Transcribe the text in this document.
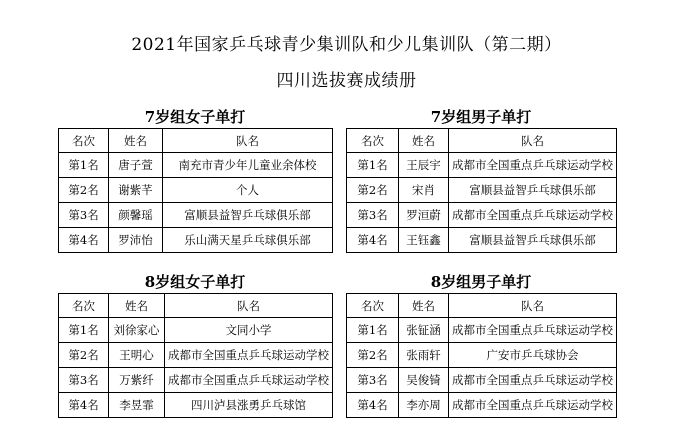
2021年国家乒乓球青少集训队和少儿集训队（第二期）
四川选拔赛成绩册
7岁组女子单打
名次	姓名	队名
第1名	唐子萱	南充市青少年儿童业余体校
第2名	谢紫芊	个人
第3名	颜馨瑶	富顺县益智乒乓球俱乐部
第4名	罗沛怡	乐山满天星乒乓球俱乐部
7岁组男子单打
名次	姓名	队名
第1名	王辰宇	成都市全国重点乒乓球运动学校
第2名	宋肖	富顺县益智乒乓球俱乐部
第3名	罗洹蔚	成都市全国重点乒乓球运动学校
第4名	王钰鑫	富顺县益智乒乓球俱乐部
8岁组女子单打
名次	姓名	队名
第1名	刘徐家心	文同小学
第2名	王明心	成都市全国重点乒乓球运动学校
第3名	万紫纤	成都市全国重点乒乓球运动学校
第4名	李昱霏	四川泸县涨勇乒乓球馆
8岁组男子单打
名次	姓名	队名
第1名	张钲涵	成都市全国重点乒乓球运动学校
第2名	张雨轩	广安市乒乓球协会
第3名	吴俊锜	成都市全国重点乒乓球运动学校
第4名	李亦周	成都市全国重点乒乓球运动学校
